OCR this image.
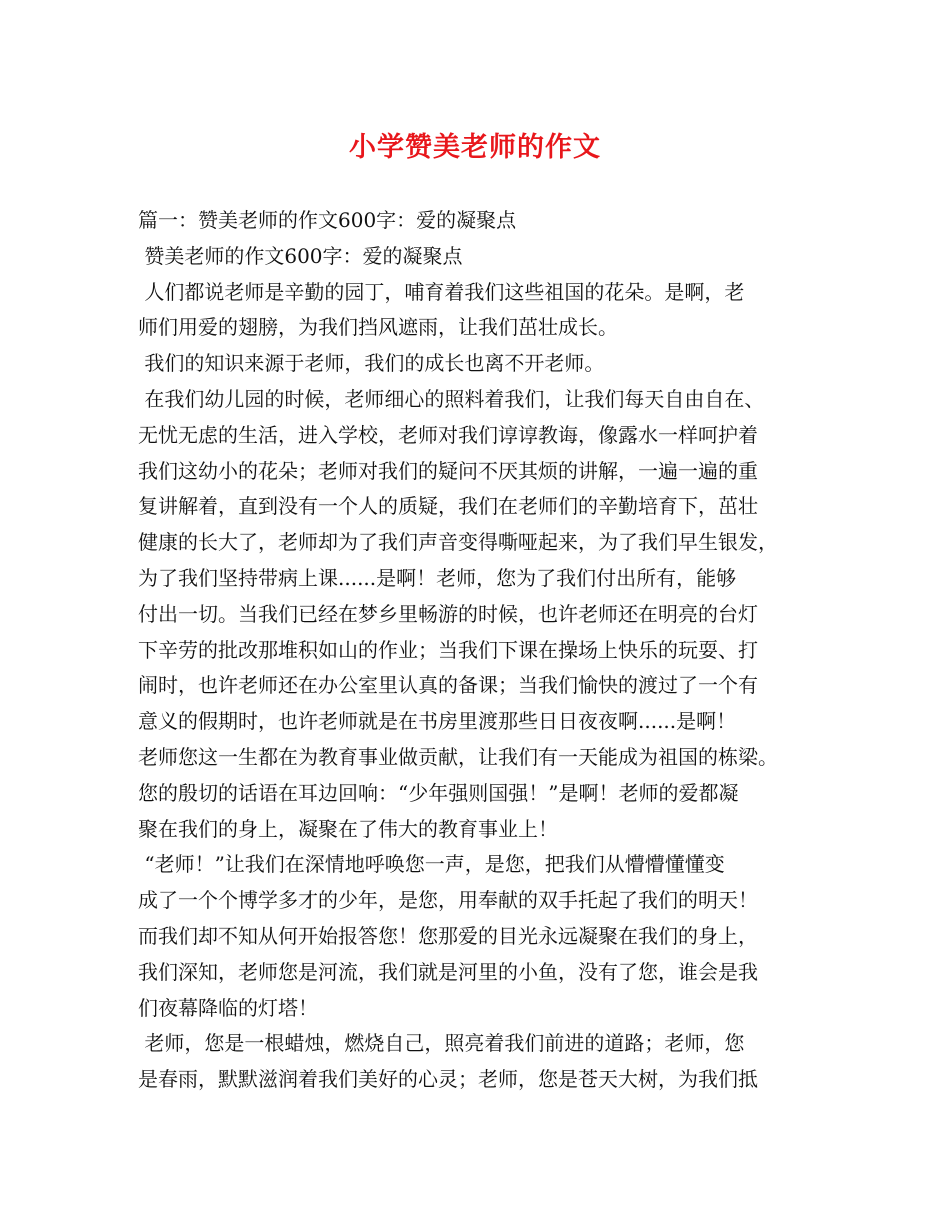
小学赞美老师的作文
篇一：赞美老师的作文600字：爱的凝聚点
赞美老师的作文600字：爱的凝聚点
人们都说老师是辛勤的园丁，哺育着我们这些祖国的花朵。是啊，老
师们用爱的翅膀，为我们挡风遮雨，让我们茁壮成长。
我们的知识来源于老师，我们的成长也离不开老师。
在我们幼儿园的时候，老师细心的照料着我们，让我们每天自由自在、
无忧无虑的生活，进入学校，老师对我们谆谆教诲，像露水一样呵护着
我们这幼小的花朵；老师对我们的疑问不厌其烦的讲解，一遍一遍的重
复讲解着，直到没有一个人的质疑，我们在老师们的辛勤培育下，茁壮
健康的长大了，老师却为了我们声音变得嘶哑起来，为了我们早生银发，
为了我们坚持带病上课......是啊！老师，您为了我们付出所有，能够
付出一切。当我们已经在梦乡里畅游的时候，也许老师还在明亮的台灯
下辛劳的批改那堆积如山的作业；当我们下课在操场上快乐的玩耍、打
闹时，也许老师还在办公室里认真的备课；当我们愉快的渡过了一个有
意义的假期时，也许老师就是在书房里渡那些日日夜夜啊......是啊！
老师您这一生都在为教育事业做贡献，让我们有一天能成为祖国的栋梁。
您的殷切的话语在耳边回响：“少年强则国强！”是啊！老师的爱都凝
聚在我们的身上，凝聚在了伟大的教育事业上！
“老师！”让我们在深情地呼唤您一声，是您，把我们从懵懵懂懂变
成了一个个博学多才的少年，是您，用奉献的双手托起了我们的明天！
而我们却不知从何开始报答您！您那爱的目光永远凝聚在我们的身上，
我们深知，老师您是河流，我们就是河里的小鱼，没有了您，谁会是我
们夜幕降临的灯塔！
老师，您是一根蜡烛，燃烧自己，照亮着我们前进的道路；老师，您
是春雨，默默滋润着我们美好的心灵；老师，您是苍天大树，为我们抵
